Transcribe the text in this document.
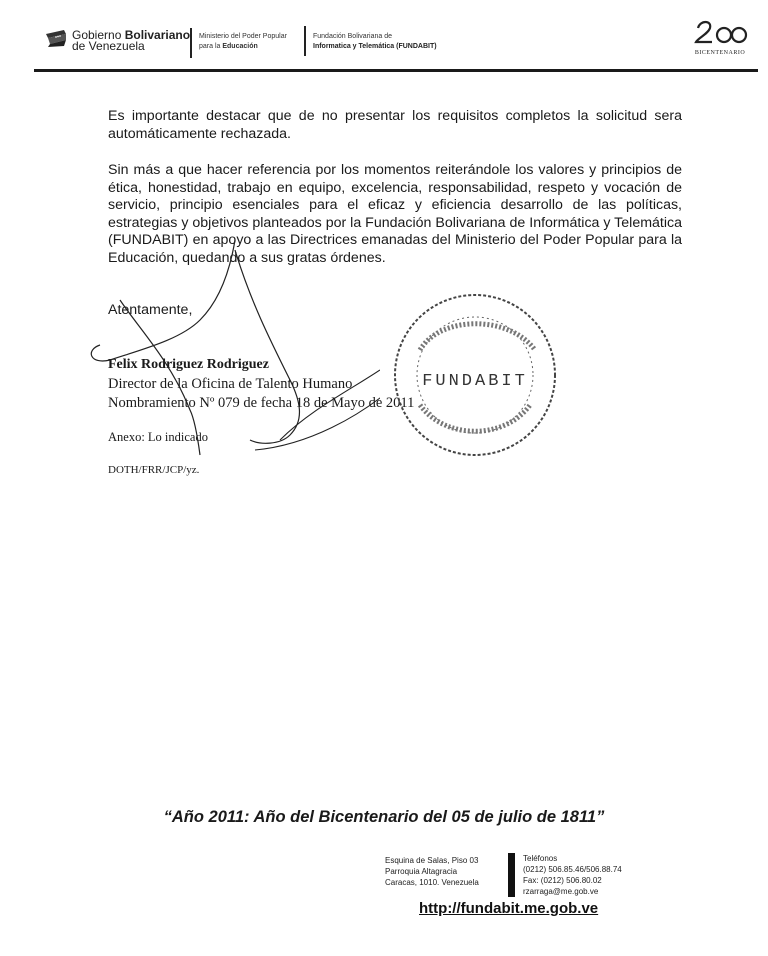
Gobierno Bolivariano
de Venezuela
Ministerio del Poder Popular
para la Educación
Fundación Bolivariana de
Informatica y Telemática (FUNDABIT)
BICENTENARIO
Es importante destacar que de no presentar los requisitos completos la solicitud sera automáticamente rechazada.
Sin más a que hacer referencia por los momentos reiterándole los valores y principios de ética, honestidad, trabajo en equipo, excelencia, responsabilidad, respeto y vocación de servicio, principio esenciales para el eficaz y eficiencia desarrollo de las políticas, estrategias y objetivos planteados por la Fundación Bolivariana de Informática y Telemática (FUNDABIT) en apoyo a las Directrices emanadas del Ministerio del Poder Popular para la Educación, quedando a sus gratas órdenes.
Atentamente,
Felix Rodriguez Rodriguez
Director de la Oficina de Talento Humano
Nombramiento Nº 079 de fecha 18 de Mayo de 2011
Anexo: Lo indicado
DOTH/FRR/JCP/yz.
FUNDABIT
“Año 2011: Año del Bicentenario del 05 de julio de 1811”
Esquina de Salas, Piso 03
Parroquia Altagracia
Caracas, 1010. Venezuela
Teléfonos
(0212) 506.85.46/506.88.74
Fax: (0212) 506.80.02
rzarraga@me.gob.ve
http://fundabit.me.gob.ve
